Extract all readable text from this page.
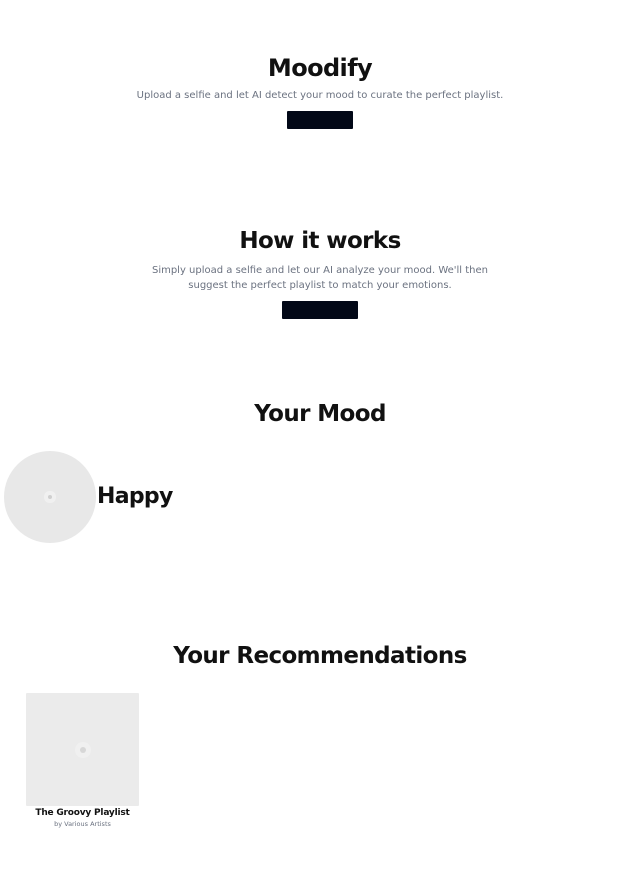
Moodify

Upload a selfie and let AI detect your mood to curate the perfect playlist.

How it works

Simply upload a selfie and let our AI analyze your mood. We'll then suggest the perfect playlist to match your emotions.

Your Mood
Happy
Your Recommendations
The Groovy Playlist
by Various Artists
